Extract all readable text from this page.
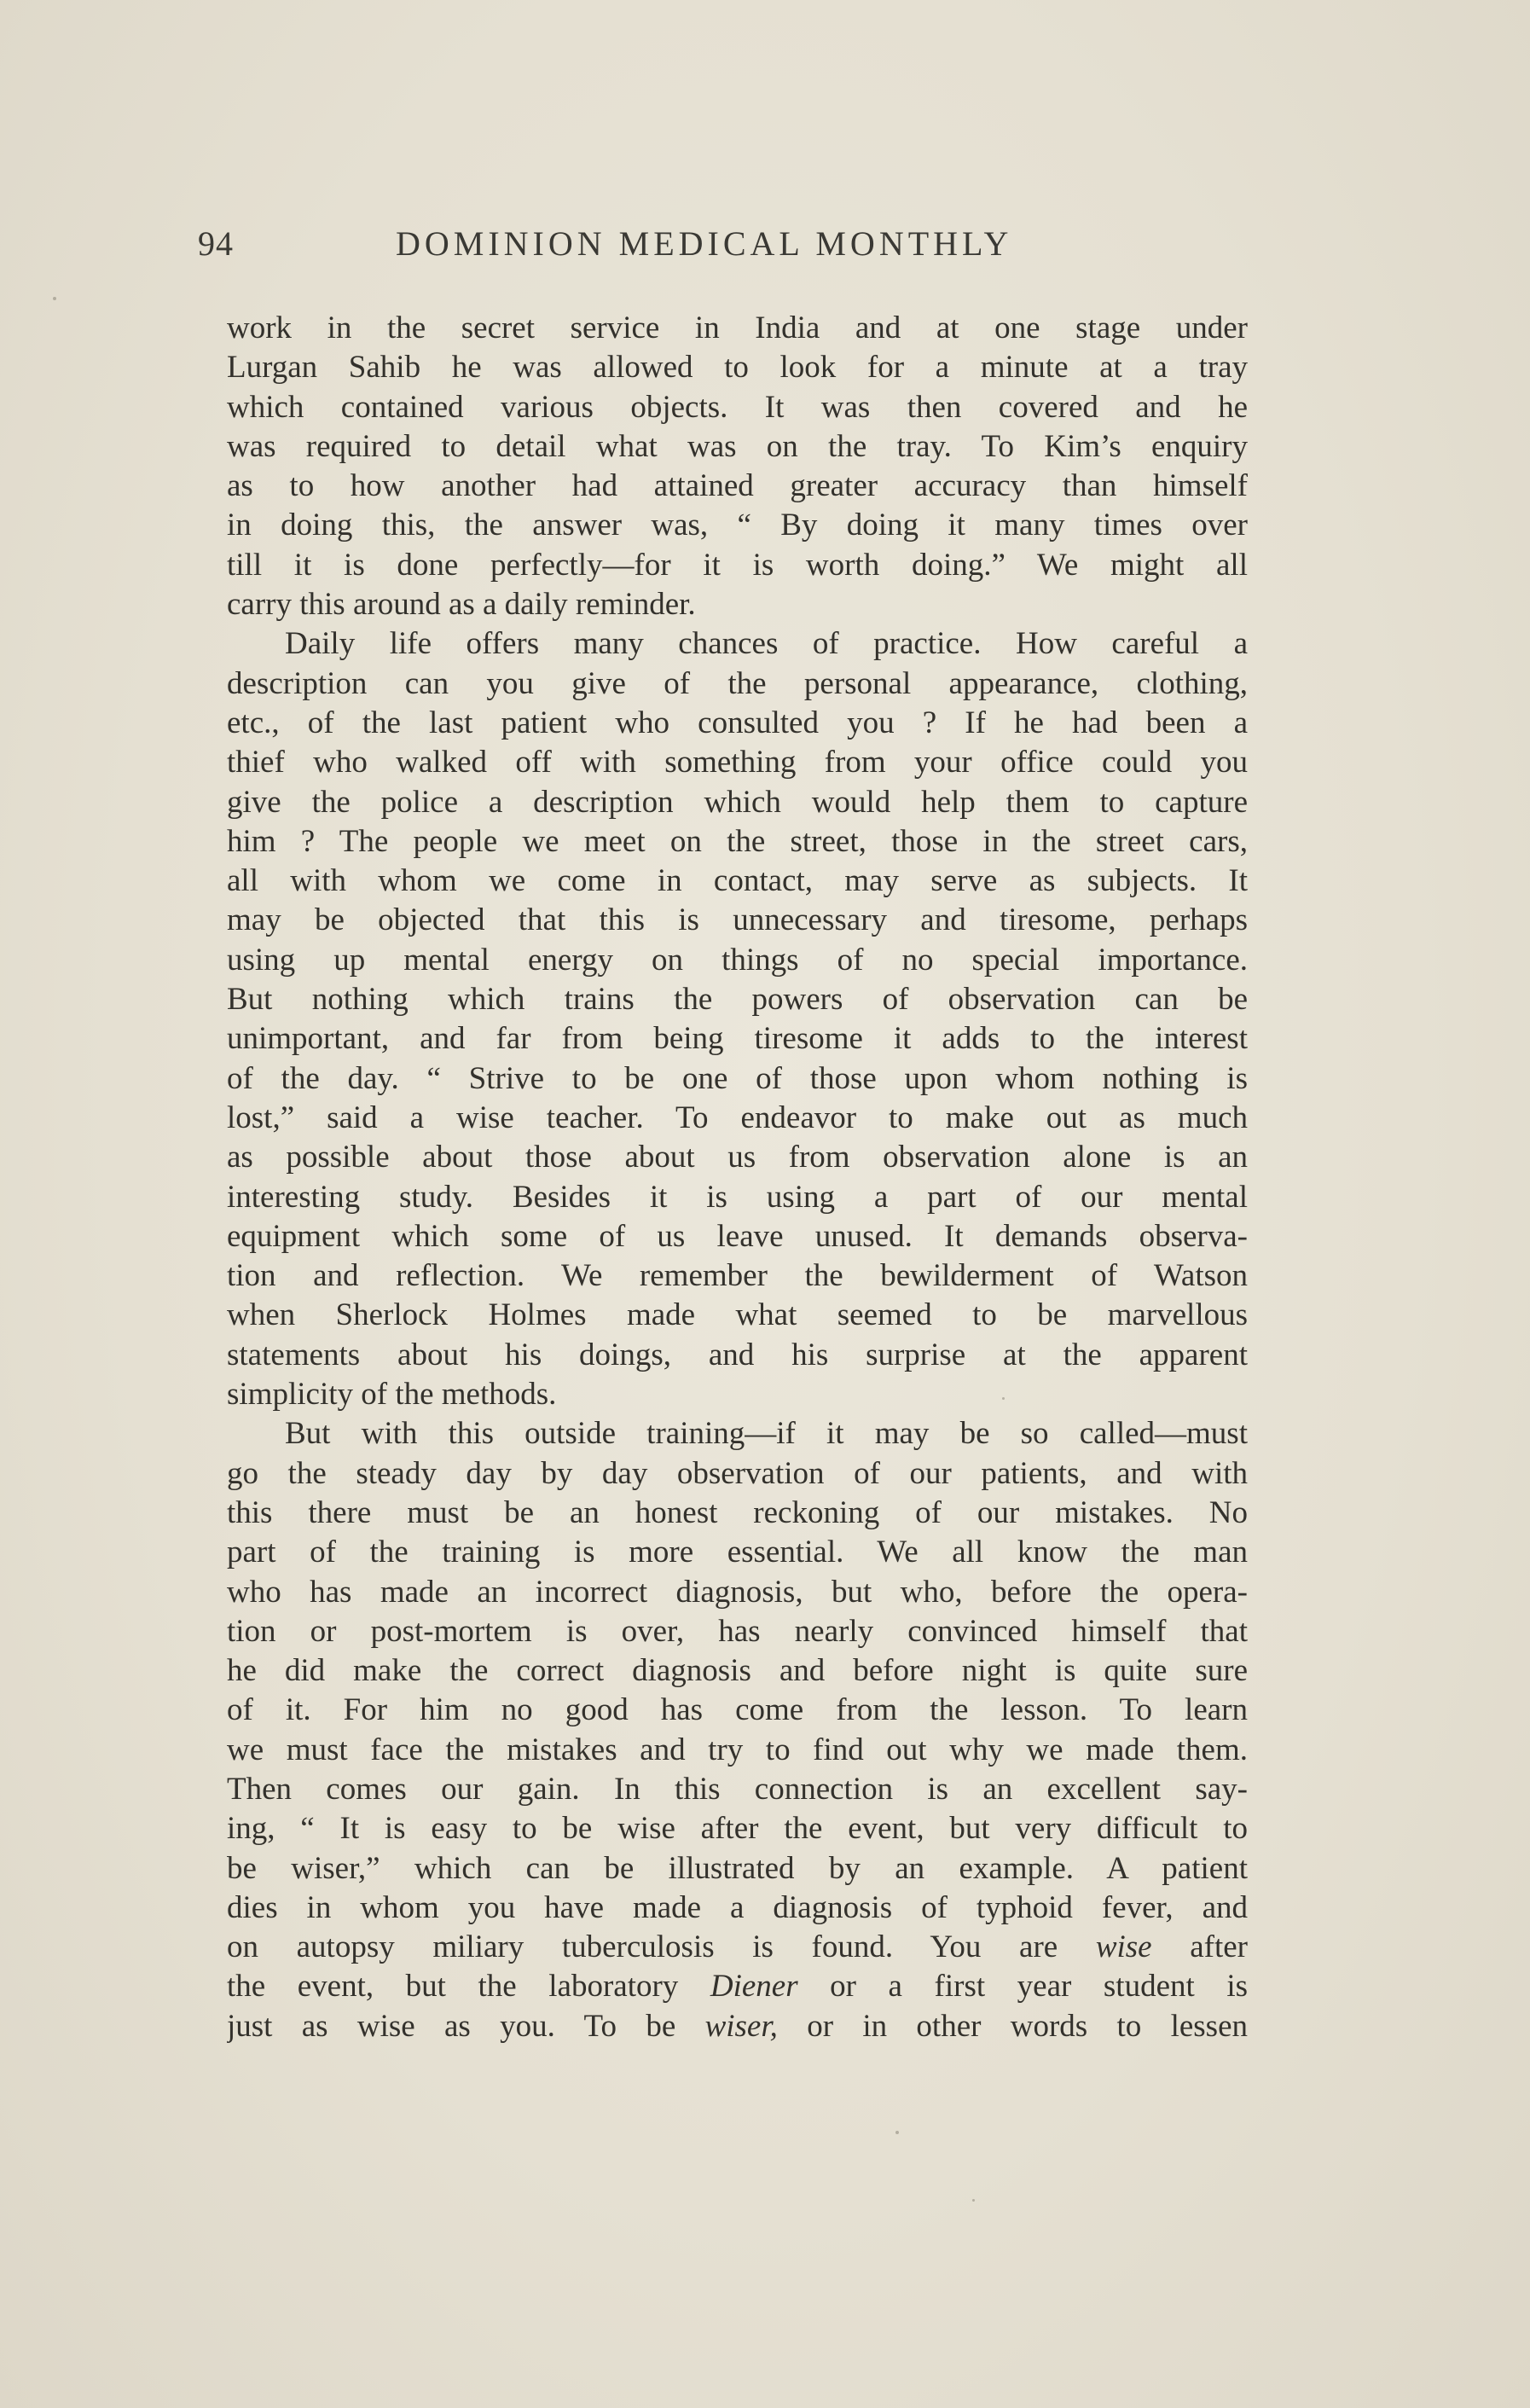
94	DOMINION MEDICAL MONTHLY
work in the secret service in India and at one stage under
Lurgan Sahib he was allowed to look for a minute at a tray
which contained various objects. It was then covered and he
was required to detail what was on the tray. To Kim’s enquiry
as to how another had attained greater accuracy than himself
in doing this, the answer was, “ By doing it many times over
till it is done perfectly—for it is worth doing.” We might all
carry this around as a daily reminder.
Daily life offers many chances of practice. How careful a
description can you give of the personal appearance, clothing,
etc., of the last patient who consulted you ? If he had been a
thief who walked off with something from your office could you
give the police a description which would help them to capture
him ? The people we meet on the street, those in the street cars,
all with whom we come in contact, may serve as subjects. It
may be objected that this is unnecessary and tiresome, perhaps
using up mental energy on things of no special importance.
But nothing which trains the powers of observation can be
unimportant, and far from being tiresome it adds to the interest
of the day. “ Strive to be one of those upon whom nothing is
lost,” said a wise teacher. To endeavor to make out as much
as possible about those about us from observation alone is an
interesting study. Besides it is using a part of our mental
equipment which some of us leave unused. It demands observa-
tion and reflection. We remember the bewilderment of Watson
when Sherlock Holmes made what seemed to be marvellous
statements about his doings, and his surprise at the apparent
simplicity of the methods.
But with this outside training—if it may be so called—must
go the steady day by day observation of our patients, and with
this there must be an honest reckoning of our mistakes. No
part of the training is more essential. We all know the man
who has made an incorrect diagnosis, but who, before the opera-
tion or post-mortem is over, has nearly convinced himself that
he did make the correct diagnosis and before night is quite sure
of it. For him no good has come from the lesson. To learn
we must face the mistakes and try to find out why we made them.
Then comes our gain. In this connection is an excellent say-
ing, “ It is easy to be wise after the event, but very difficult to
be wiser,” which can be illustrated by an example. A patient
dies in whom you have made a diagnosis of typhoid fever, and
on autopsy miliary tuberculosis is found. You are wise after
the event, but the laboratory Diener or a first year student is
just as wise as you. To be wiser, or in other words to lessen
